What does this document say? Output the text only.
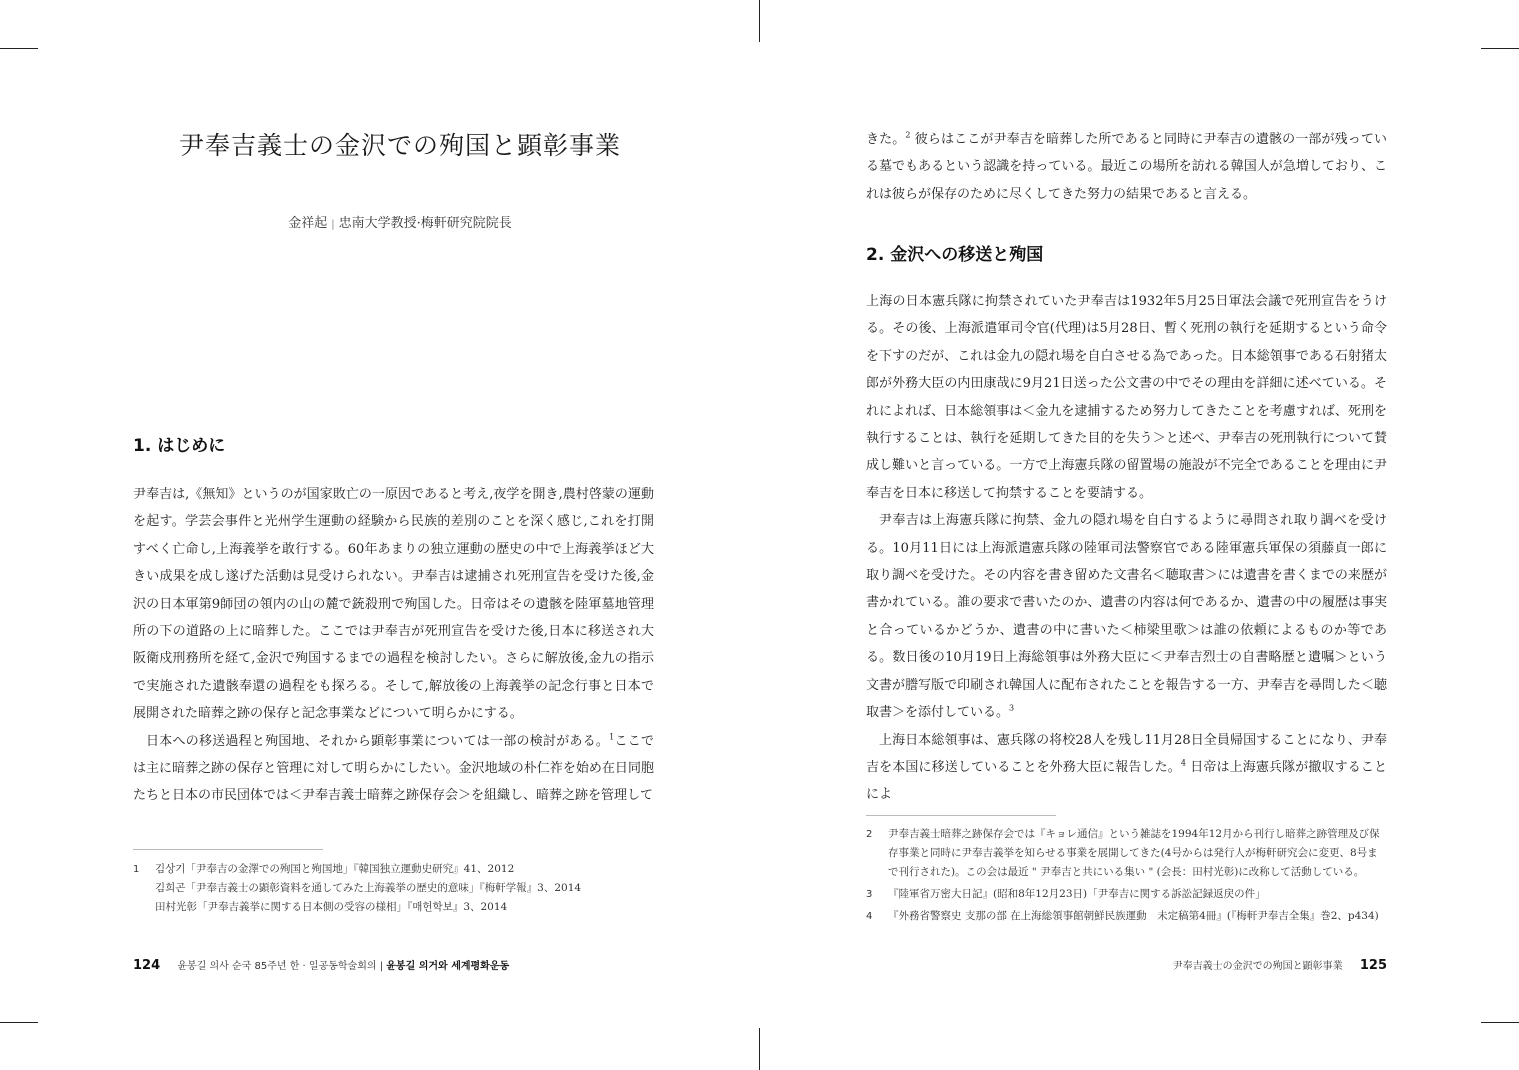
尹奉吉義士の金沢での殉国と顕彰事業
金祥起 | 忠南大学教授·梅軒研究院院長
1. はじめに

尹奉吉は,《無知》というのが国家敗亡の一原因であると考え,夜学を開き,農村啓蒙の運動を起す。学芸会事件と光州学生運動の経験から民族的差別のことを深く感じ,これを打開すべく亡命し,上海義挙を敢行する。60年あまりの独立運動の歴史の中で上海義挙ほど大きい成果を成し遂げた活動は見受けられない。尹奉吉は逮捕され死刑宣告を受けた後,金沢の日本軍第9師団の領内の山の麓で銃殺刑で殉国した。日帝はその遺骸を陸軍墓地管理所の下の道路の上に暗葬した。ここでは尹奉吉が死刑宣告を受けた後,日本に移送され大阪衛戍刑務所を経て,金沢で殉国するまでの過程を検討したい。さらに解放後,金九の指示で実施された遺骸奉還の過程をも探ろる。そして,解放後の上海義挙の記念行事と日本で展開された暗葬之跡の保存と記念事業などについて明らかにする。

日本への移送過程と殉国地、それから顕彰事業については一部の検討がある。$^1$ここでは主に暗葬之跡の保存と管理に対して明らかにしたい。金沢地域の朴仁祚を始め在日同胞たちと日本の市民団体では＜尹奉吉義士暗葬之跡保存会＞を組織し、暗葬之跡を管理して

1 김상기「尹奉吉の金澤での殉国と殉国地」『韓国独立運動史研究』41、2012
김희곤「尹奉吉義士の顕彰資料を通してみた上海義挙の歴史的意味」『梅軒学報』3、2014
田村光彰「尹奉吉義挙に関する日本側の受容の様相」『매헌학보』3、2014
124 윤봉길 의사 순국 85주년 한 · 일공동학술회의 | 윤봉길 의거와 세계평화운동

きた。$^2$ 彼らはここが尹奉吉を暗葬した所であると同時に尹奉吉の遺骸の一部が残っている墓でもあるという認識を持っている。最近この場所を訪れる韓国人が急増しており、これは彼らが保存のために尽くしてきた努力の結果であると言える。

2. 金沢への移送と殉国

上海の日本憲兵隊に拘禁されていた尹奉吉は1932年5月25日軍法会議で死刑宣告をうける。その後、上海派遣軍司令官(代理)は5月28日、暫く死刑の執行を延期するという命令を下すのだが、これは金九の隠れ場を自白させる為であった。日本総領事である石射猪太郎が外務大臣の内田康哉に9月21日送った公文書の中でその理由を詳細に述べている。それによれば、日本総領事は＜金九を逮捕するため努力してきたことを考慮すれば、死刑を執行することは、執行を延期してきた目的を失う＞と述べ、尹奉吉の死刑執行について賛成し難いと言っている。一方で上海憲兵隊の留置場の施設が不完全であることを理由に尹奉吉を日本に移送して拘禁することを要請する。

尹奉吉は上海憲兵隊に拘禁、金九の隠れ場を自白するように尋問され取り調べを受ける。10月11日には上海派遣憲兵隊の陸軍司法警察官である陸軍憲兵軍保の須藤貞一郎に取り調べを受けた。その内容を書き留めた文書名＜聴取書＞には遺書を書くまでの来歴が書かれている。誰の要求で書いたのか、遺書の内容は何であるか、遺書の中の履歴は事実と合っているかどうか、遺書の中に書いた＜柿梁里歌＞は誰の依頼によるものか等である。数日後の10月19日上海総領事は外務大臣に＜尹奉吉烈士の自書略歴と遺嘱＞という文書が謄写版で印刷され韓国人に配布されたことを報告する一方、尹奉吉を尋問した＜聴取書＞を添付している。$^3$

上海日本総領事は、憲兵隊の将校28人を残し11月28日全員帰国することになり、尹奉吉を本国に移送していることを外務大臣に報告した。$^4$ 日帝は上海憲兵隊が撤収することによ

2 尹奉吉義士暗葬之跡保存会では『キョレ通信』という雑誌を1994年12月から刊行し暗葬之跡管理及び保存事業と同時に尹奉吉義挙を知らせる事業を展開してきた(4号からは発行人が梅軒研究会に変更、8号まで刊行された)。この会は最近 " 尹奉吉と共にいる集い " (会長：田村光彰)に改称して活動している。
3 『陸軍省万密大日記』(昭和8年12月23日)「尹奉吉に関する訴訟記録返戻の件」
4 『外務省警察史 支那の部 在上海総領事館朝鮮民族運動　未定稿第4冊』(『梅軒尹奉吉全集』巻2、p434)
尹奉吉義士の金沢での殉国と顕彰事業 125
